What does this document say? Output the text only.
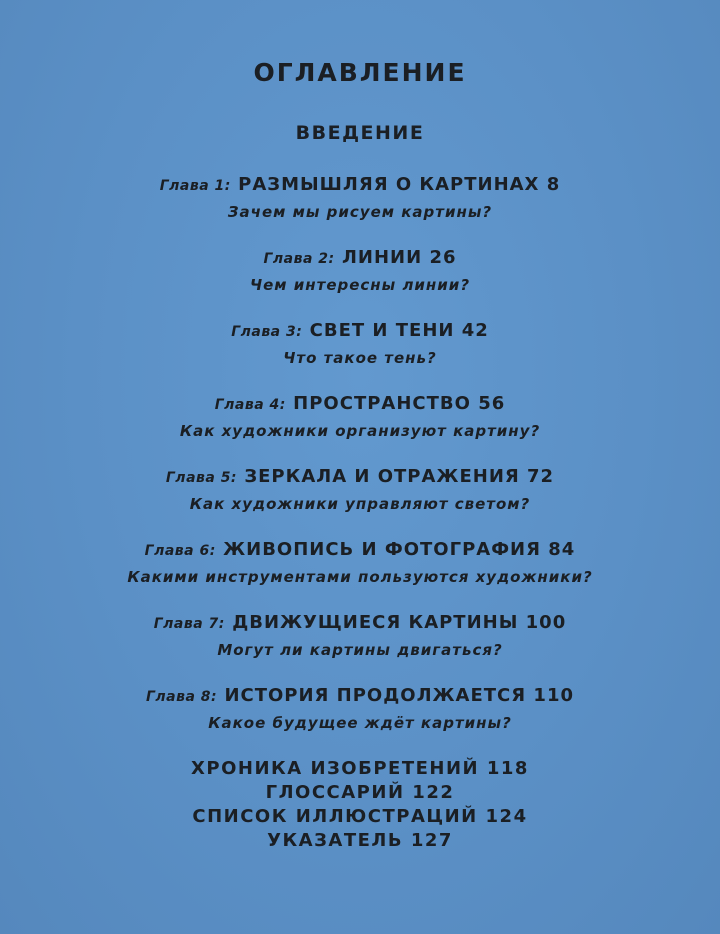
ОГЛАВЛЕНИЕ
ВВЕДЕНИЕ
Глава 1: РАЗМЫШЛЯЯ О КАРТИНАХ 8
Зачем мы рисуем картины?
Глава 2: ЛИНИИ 26
Чем интересны линии?
Глава 3: СВЕТ И ТЕНИ 42
Что такое тень?
Глава 4: ПРОСТРАНСТВО 56
Как художники организуют картину?
Глава 5: ЗЕРКАЛА И ОТРАЖЕНИЯ 72
Как художники управляют светом?
Глава 6: ЖИВОПИСЬ И ФОТОГРАФИЯ 84
Какими инструментами пользуются художники?
Глава 7: ДВИЖУЩИЕСЯ КАРТИНЫ 100
Могут ли картины двигаться?
Глава 8: ИСТОРИЯ ПРОДОЛЖАЕТСЯ 110
Какое будущее ждёт картины?
ХРОНИКА ИЗОБРЕТЕНИЙ 118
ГЛОССАРИЙ 122
СПИСОК ИЛЛЮСТРАЦИЙ 124
УКАЗАТЕЛЬ 127
